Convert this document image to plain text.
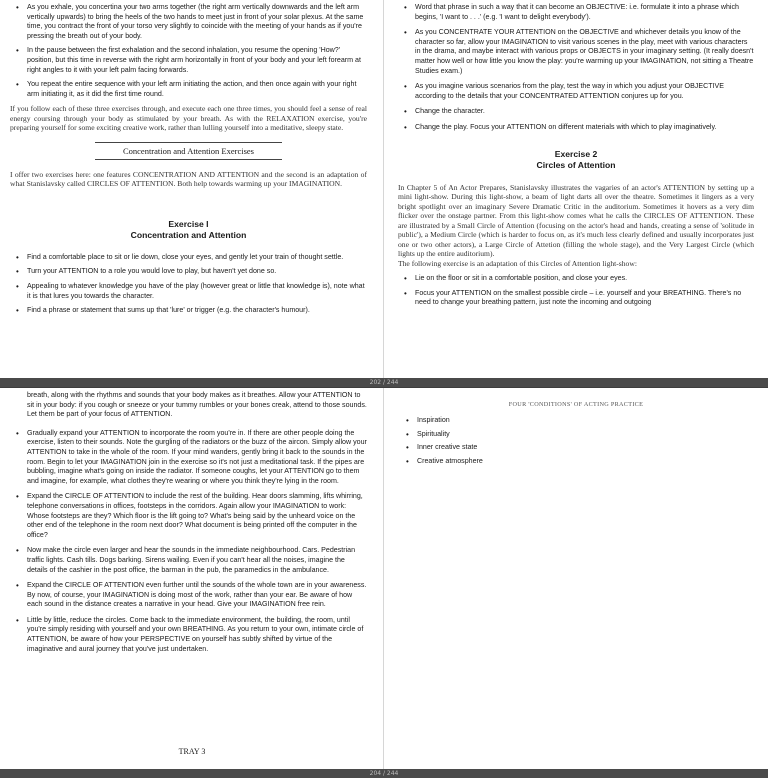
• As you exhale, you concertina your two arms together (the right arm vertically downwards and the left arm vertically upwards) to bring the heels of the two hands to meet just in front of your solar plexus. At the same time, you contract the front of your torso very slightly to coincide with the meeting of your hands as if you're pressing the breath out of your body.
• In the pause between the first exhalation and the second inhalation, you resume the opening 'How?' position, but this time in reverse with the right arm horizontally in front of your body and your left forearm at right angles to it with your left palm facing forwards.
• You repeat the entire sequence with your left arm initiating the action, and then once again with your right arm initiating it, as it did the first time round.

If you follow each of these three exercises through, and execute each one three times, you should feel a sense of real energy coursing through your body as stimulated by your breath. As with the RELAXATION exercise, you're preparing yourself for some exciting creative work, rather than lulling yourself into a meditative, sleepy state.

Concentration and Attention Exercises

I offer two exercises here: one features CONCENTRATION AND ATTENTION and the second is an adaptation of what Stanislavsky called CIRCLES OF ATTENTION. Both help towards warming up your IMAGINATION.

Exercise I
Concentration and Attention
• Find a comfortable place to sit or lie down, close your eyes, and gently let your train of thought settle.
• Turn your ATTENTION to a role you would love to play, but haven't yet done so.
• Appealing to whatever knowledge you have of the play (however great or little that knowledge is), note what it is that lures you towards the character.
• Find a phrase or statement that sums up that 'lure' or trigger (e.g. the character's humour).
• Word that phrase in such a way that it can become an OBJECTIVE: i.e. formulate it into a phrase which begins, 'I want to . . .' (e.g. 'I want to delight everybody').
• As you CONCENTRATE YOUR ATTENTION on the OBJECTIVE and whichever details you know of the character so far, allow your IMAGINATION to visit various scenes in the play, meet with various characters in the drama, and maybe interact with various props or OBJECTS in your imaginary setting. (It really doesn't matter how well or how little you know the play: you're warming up your IMAGINATION, not sitting a Theatre Studies exam.)
• As you imagine various scenarios from the play, test the way in which you adjust your OBJECTIVE according to the details that your CONCENTRATED ATTENTION conjures up for you.
• Change the character.
• Change the play. Focus your ATTENTION on different materials with which to play imaginatively.
Exercise 2
Circles of Attention

In Chapter 5 of An Actor Prepares, Stanislavsky illustrates the vagaries of an actor's ATTENTION by setting up a mini light-show. During this light-show, a beam of light darts all over the theatre. Sometimes it lingers as a very bright spotlight over an imaginary Severe Dramatic Critic in the auditorium. Sometimes it hovers as a very dim flicker over the onstage partner. From this light-show comes what he calls the CIRCLES OF ATTENTION. These are illustrated by a Small Circle of Attention (focusing on the actor's head and hands, creating a sense of 'solitude in public'), a Medium Circle (which is harder to focus on, as it's much less clearly defined and usually incorporates just one or two other actors), a Large Circle of Attetion (filling the whole stage), and the Very Largest Circle (which lights up the entire auditorium).

The following exercise is an adaptation of this Circles of Attention light-show:

• Lie on the floor or sit in a comfortable position, and close your eyes.
• Focus your ATTENTION on the smallest possible circle – i.e. yourself and your BREATHING. There's no need to change your breathing pattern, just note the incoming and outgoing
202 / 244

breath, along with the rhythms and sounds that your body makes as it breathes. Allow your ATTENTION to sit in your body: if you cough or sneeze or your tummy rumbles or your bones creak, attend to those sounds. Let them be part of your focus of ATTENTION.

• Gradually expand your ATTENTION to incorporate the room you're in. If there are other people doing the exercise, listen to their sounds. Note the gurgling of the radiators or the buzz of the aircon. Simply allow your ATTENTION to take in the whole of the room. If your mind wanders, gently bring it back to the sounds in the room. Begin to let your IMAGINATION join in the exercise so it's not just a meditational task. If the pipes are bubbling, imagine what's going on inside the radiator. If someone coughs, let your ATTENTION go to them and imagine, for example, what clothes they're wearing or where you think they're lying in the room.
• Expand the CIRCLE OF ATTENTION to include the rest of the building. Hear doors slamming, lifts whirring, telephone conversations in offices, footsteps in the corridors. Again allow your IMAGINATION to work: Whose footsteps are they? Which floor is the lift going to? What's being said by the unheard voice on the other end of the telephone in the room next door? What document is being printed off the computer in the office?
• Now make the circle even larger and hear the sounds in the immediate neighbourhood. Cars. Pedestrian traffic lights. Cash tills. Dogs barking. Sirens wailing. Even if you can't hear all the noises, imagine the details of the cashier in the post office, the barman in the pub, the paramedics in the ambulance.
• Expand the CIRCLE OF ATTENTION even further until the sounds of the whole town are in your awareness. By now, of course, your IMAGINATION is doing most of the work, rather than your ear. Be aware of how each sound in the distance creates a narrative in your head. Give your IMAGINATION free rein.
• Little by little, reduce the circles. Come back to the immediate environment, the building, the room, until you're simply residing with yourself and your own BREATHING. As you return to your own, intimate circle of ATTENTION, be aware of how your PERSPECTIVE on yourself has subtly shifted by virtue of the imaginative and aural journey that you've just undertaken.
TRAY 3
FOUR 'CONDITIONS' OF ACTING PRACTICE
• Inspiration
• Spirituality
• Inner creative state
• Creative atmosphere
204 / 244
